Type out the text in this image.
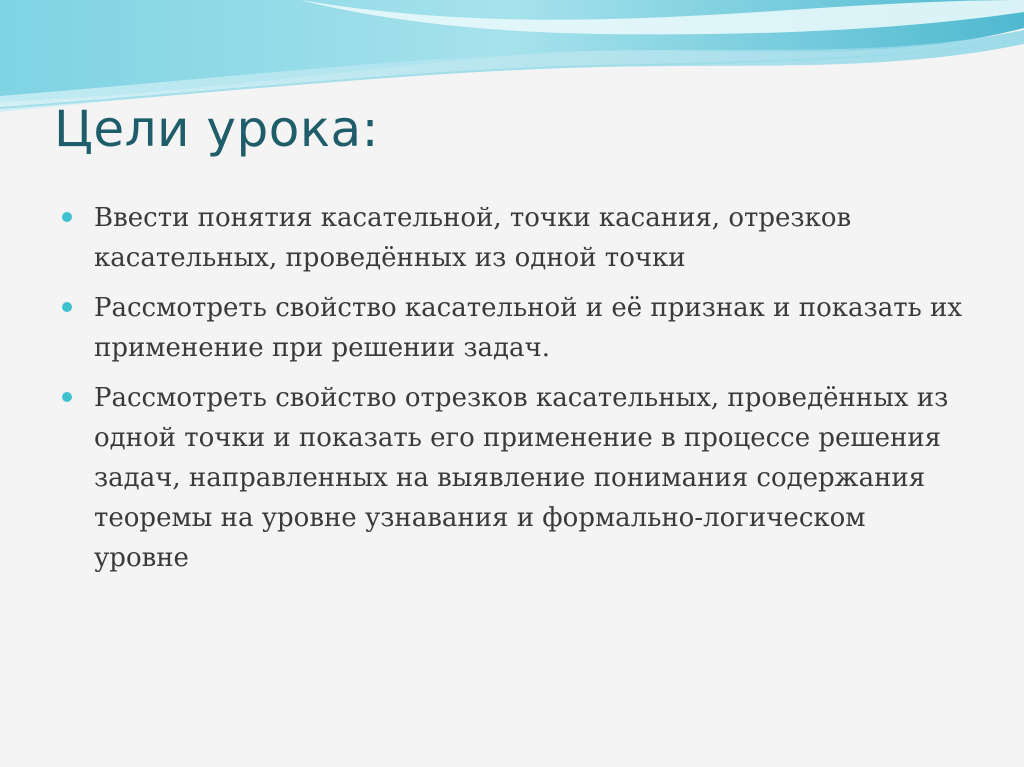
Цели урока:
Ввести понятия касательной, точки касания, отрезков касательных, проведённых из одной точки
Рассмотреть свойство касательной и её признак и показать их применение при решении задач.
Рассмотреть свойство отрезков касательных, проведённых из одной точки и показать его применение в процессе решения задач, направленных на выявление понимания содержания теоремы на уровне узнавания и формально-логическом уровне
